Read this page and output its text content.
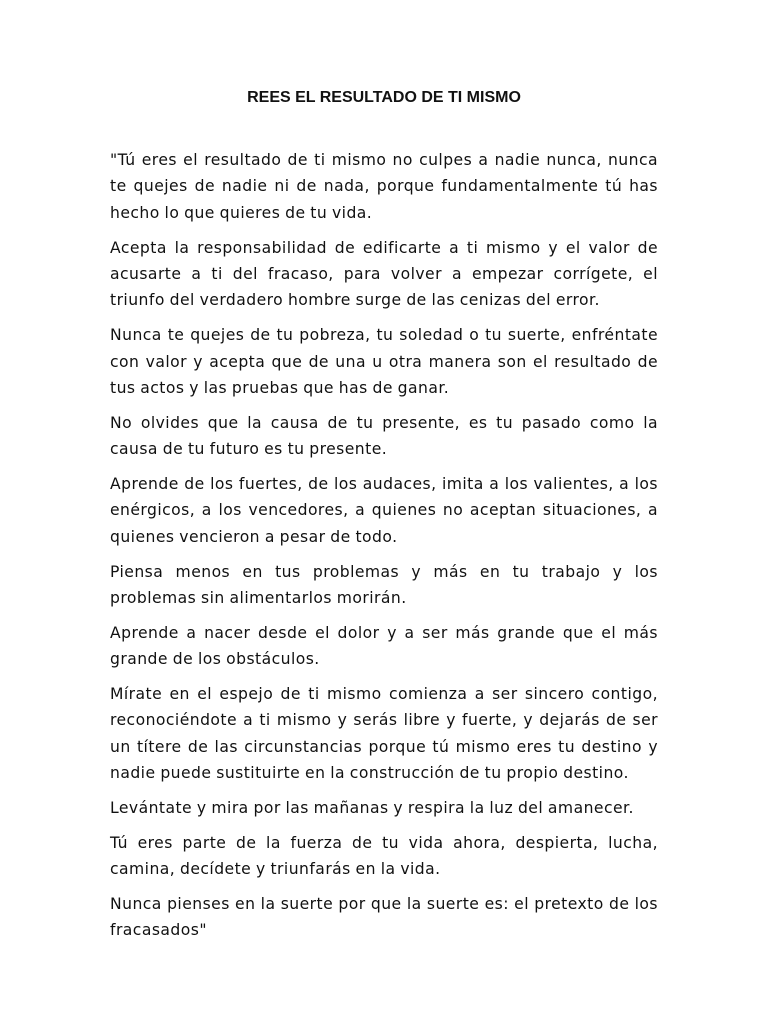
REES EL RESULTADO DE TI MISMO

"Tú eres el resultado de ti mismo no culpes a nadie nunca, nunca te quejes de nadie ni de nada, porque fundamentalmente tú has hecho lo que quieres de tu vida.

Acepta la responsabilidad de edificarte a ti mismo y el valor de acusarte a ti del fracaso, para volver a empezar corrígete, el triunfo del verdadero hombre surge de las cenizas del error.

Nunca te quejes de tu pobreza, tu soledad o tu suerte, enfréntate con valor y acepta que de una u otra manera son el resultado de tus actos y las pruebas que has de ganar.

No olvides que la causa de tu presente, es tu pasado como la causa de tu futuro es tu presente.

Aprende de los fuertes, de los audaces, imita a los valientes, a los enérgicos, a los vencedores, a quienes no aceptan situaciones, a quienes vencieron a pesar de todo.

Piensa menos en tus problemas y más en tu trabajo y los problemas sin alimentarlos morirán.

Aprende a nacer desde el dolor y a ser más grande que el más grande de los obstáculos.

Mírate en el espejo de ti mismo comienza a ser sincero contigo, reconociéndote a ti mismo y serás libre y fuerte, y dejarás de ser un títere de las circunstancias porque tú mismo eres tu destino y nadie puede sustituirte en la construcción de tu propio destino.

Levántate y mira por las mañanas y respira la luz del amanecer.

Tú eres parte de la fuerza de tu vida ahora, despierta, lucha, camina, decídete y triunfarás en la vida.

Nunca pienses en la suerte por que la suerte es: el pretexto de los fracasados"
